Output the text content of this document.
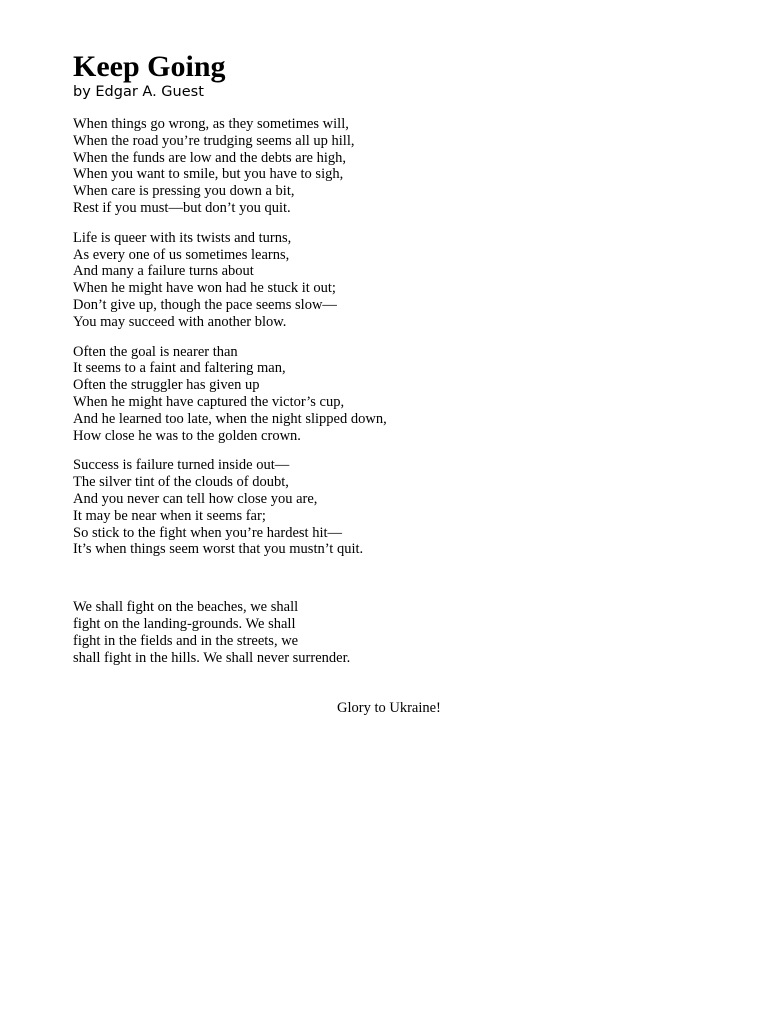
Keep Going

by Edgar A. Guest

When things go wrong, as they sometimes will,
When the road you’re trudging seems all up hill,
When the funds are low and the debts are high,
When you want to smile, but you have to sigh,
When care is pressing you down a bit,
Rest if you must—but don’t you quit.
Life is queer with its twists and turns,
As every one of us sometimes learns,
And many a failure turns about
When he might have won had he stuck it out;
Don’t give up, though the pace seems slow—
You may succeed with another blow.
Often the goal is nearer than
It seems to a faint and faltering man,
Often the struggler has given up
When he might have captured the victor’s cup,
And he learned too late, when the night slipped down,
How close he was to the golden crown.
Success is failure turned inside out—
The silver tint of the clouds of doubt,
And you never can tell how close you are,
It may be near when it seems far;
So stick to the fight when you’re hardest hit—
It’s when things seem worst that you mustn’t quit.
We shall fight on the beaches, we shall
fight on the landing-grounds. We shall
fight in the fields and in the streets, we
shall fight in the hills. We shall never surrender.

Glory to Ukraine!
